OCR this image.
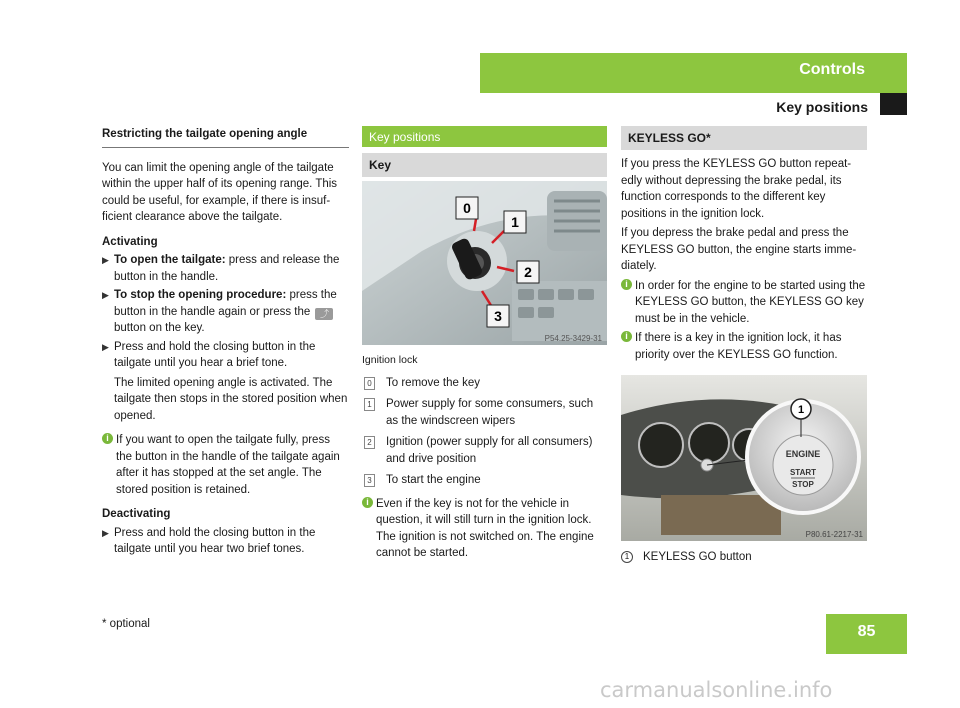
Controls
Key positions
Restricting the tailgate opening angle

You can limit the opening angle of the tailgate within the upper half of its opening range. This could be useful, for example, if there is insuf-ficient clearance above the tailgate.

Activating

▶ To open the tailgate: press and release the button in the handle.
▶ To stop the opening procedure: press the button in the handle again or press the ⤴ button on the key.
▶ Press and hold the closing button in the tailgate until you hear a brief tone.
The limited opening angle is activated. The tailgate then stops in the stored position when opened.
i If you want to open the tailgate fully, press the button in the handle of the tailgate again after it has stopped at the set angle. The stored position is retained.

Deactivating

▶ Press and hold the closing button in the tailgate until you hear two brief tones.
Key positions
Key
0
1
2
3
P54.25-3429-31
Ignition lock
0 To remove the key
1 Power supply for some consumers, such as the windscreen wipers
2 Ignition (power supply for all consumers) and drive position
3 To start the engine
i Even if the key is not for the vehicle in question, it will still turn in the ignition lock. The ignition is not switched on. The engine cannot be started.
KEYLESS GO*

If you press the KEYLESS GO button repeat-edly without depressing the brake pedal, its function corresponds to the different key positions in the ignition lock.

If you depress the brake pedal and press the KEYLESS GO button, the engine starts imme-diately.

i In order for the engine to be started using the KEYLESS GO button, the KEYLESS GO key must be in the vehicle.
i If there is a key in the ignition lock, it has priority over the KEYLESS GO function.
ENGINE
START
STOP
1
P80.61-2217-31
1	KEYLESS GO button
* optional	85
carmanualsonline.info
